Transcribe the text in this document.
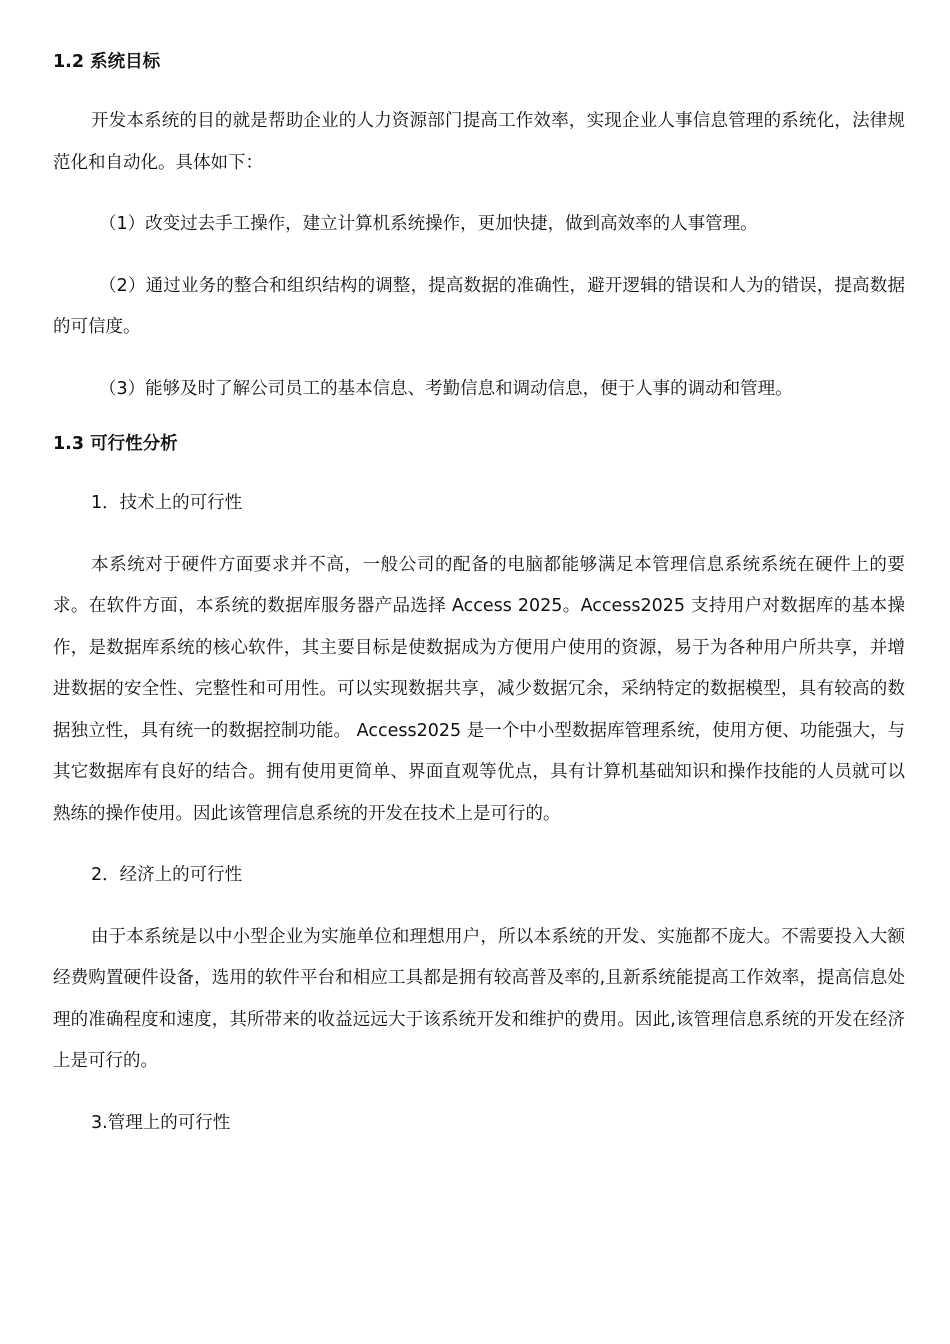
1.2 系统目标

开发本系统的目的就是帮助企业的人力资源部门提高工作效率，实现企业人事信息管理的系统化，法律规范化和自动化。具体如下：

（1）改变过去手工操作，建立计算机系统操作，更加快捷，做到高效率的人事管理。

（2）通过业务的整合和组织结构的调整，提高数据的准确性，避开逻辑的错误和人为的错误，提高数据的可信度。

（3）能够及时了解公司员工的基本信息、考勤信息和调动信息，便于人事的调动和管理。

1.3 可行性分析

1．技术上的可行性

本系统对于硬件方面要求并不高，一般公司的配备的电脑都能够满足本管理信息系统系统在硬件上的要求。在软件方面，本系统的数据库服务器产品选择 Access 2025。Access2025 支持用户对数据库的基本操作，是数据库系统的核心软件，其主要目标是使数据成为方便用户使用的资源，易于为各种用户所共享，并增进数据的安全性、完整性和可用性。可以实现数据共享，减少数据冗余，采纳特定的数据模型，具有较高的数据独立性，具有统一的数据控制功能。 Access2025 是一个中小型数据库管理系统，使用方便、功能强大，与其它数据库有良好的结合。拥有使用更简单、界面直观等优点，具有计算机基础知识和操作技能的人员就可以熟练的操作使用。因此该管理信息系统的开发在技术上是可行的。

2．经济上的可行性

由于本系统是以中小型企业为实施单位和理想用户，所以本系统的开发、实施都不庞大。不需要投入大额经费购置硬件设备，选用的软件平台和相应工具都是拥有较高普及率的,且新系统能提高工作效率，提高信息处理的准确程度和速度，其所带来的收益远远大于该系统开发和维护的费用。因此,该管理信息系统的开发在经济上是可行的。

3.管理上的可行性
